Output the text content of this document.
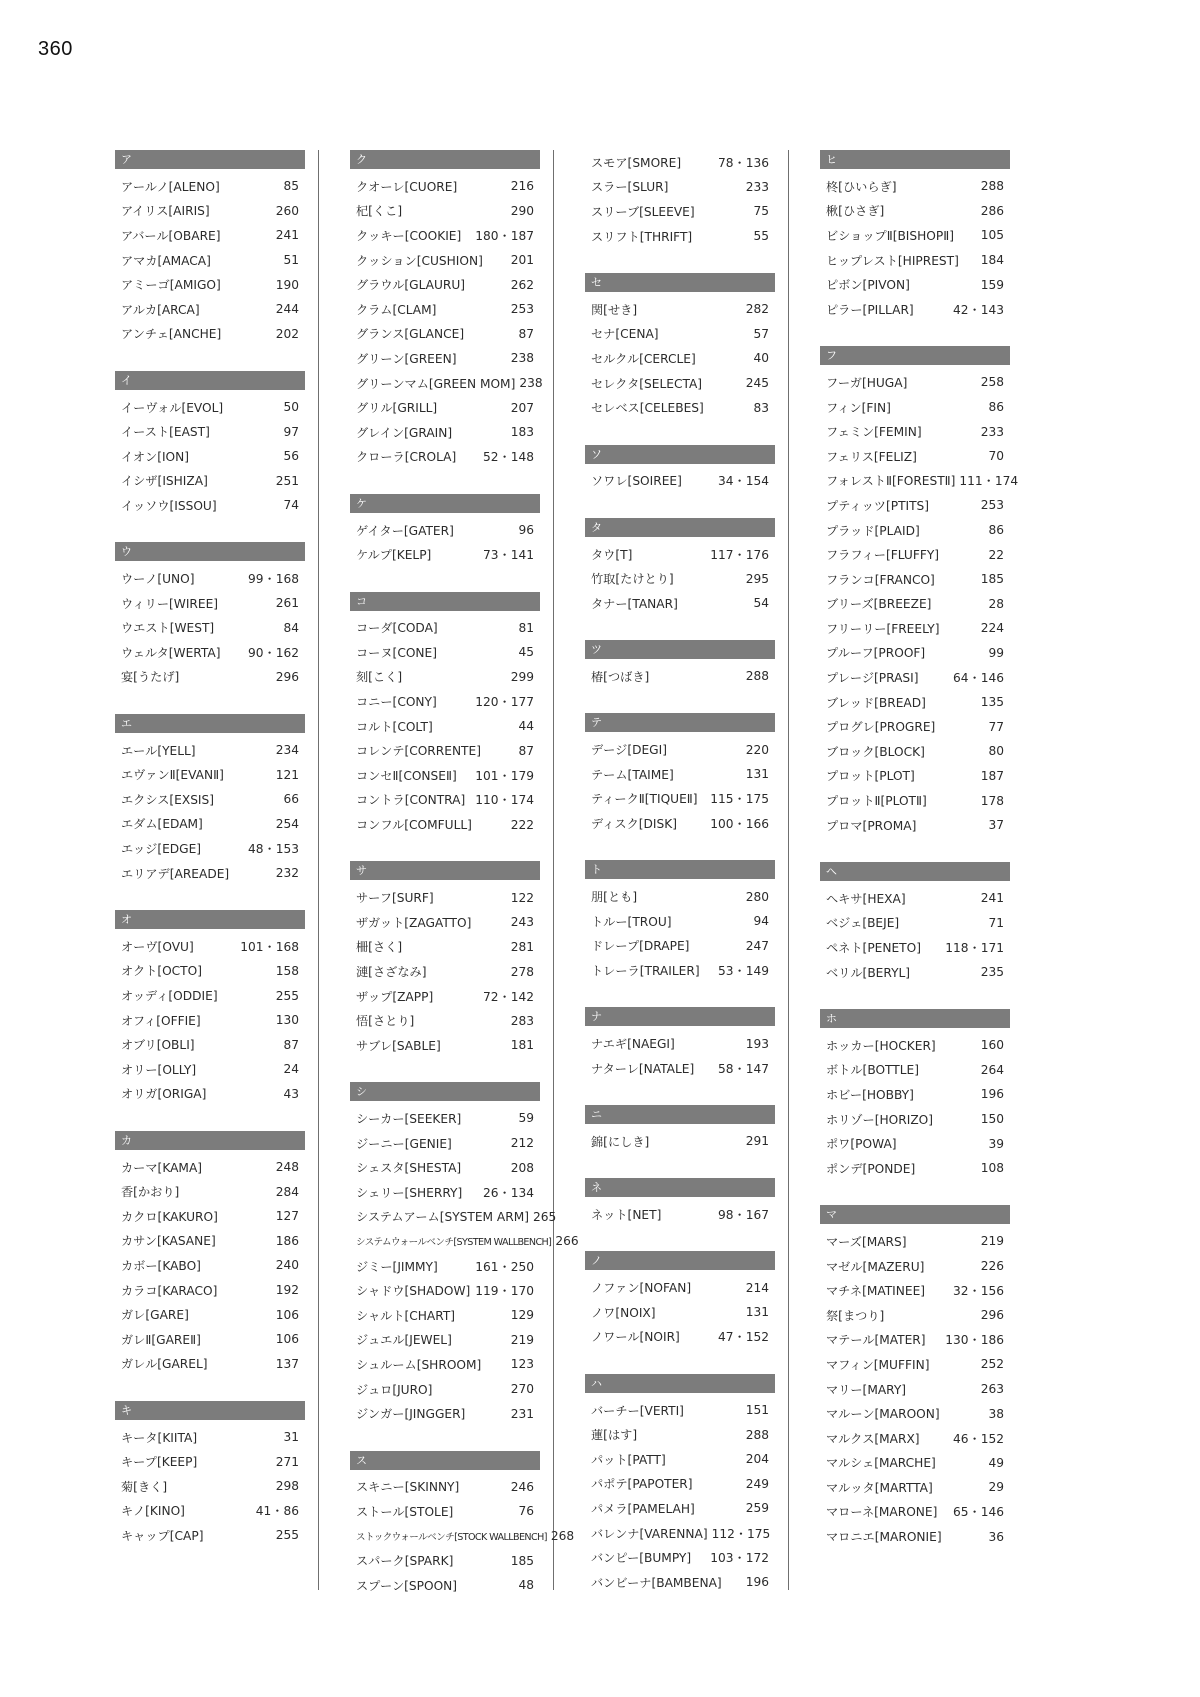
360
ア
アールノ[ALENO]	85
アイリス[AIRIS]	260
アバール[OBARE]	241
アマカ[AMACA]	51
アミーゴ[AMIGO]	190
アルカ[ARCA]	244
アンチェ[ANCHE]	202
イ
イーヴォル[EVOL]	50
イースト[EAST]	97
イオン[ION]	56
イシザ[ISHIZA]	251
イッソウ[ISSOU]	74
ウ
ウーノ[UNO]	99・168
ウィリー[WIREE]	261
ウエスト[WEST]	84
ウェルタ[WERTA]	90・162
宴[うたげ]	296
エ
エール[YELL]	234
エヴァンⅡ[EVANⅡ]	121
エクシス[EXSIS]	66
エダム[EDAM]	254
エッジ[EDGE]	48・153
エリアデ[AREADE]	232
オ
オーヴ[OVU]	101・168
オクト[OCTO]	158
オッディ[ODDIE]	255
オフィ[OFFIE]	130
オブリ[OBLI]	87
オリー[OLLY]	24
オリガ[ORIGA]	43
カ
カーマ[KAMA]	248
香[かおり]	284
カクロ[KAKURO]	127
カサン[KASANE]	186
カボー[KABO]	240
カラコ[KARACO]	192
ガレ[GARE]	106
ガレⅡ[GAREⅡ]	106
ガレル[GAREL]	137
キ
キータ[KIITA]	31
キープ[KEEP]	271
菊[きく]	298
キノ[KINO]	41・86
キャップ[CAP]	255
ク
クオーレ[CUORE]	216
杞[くこ]	290
クッキー[COOKIE]	180・187
クッション[CUSHION]	201
グラウル[GLAURU]	262
クラム[CLAM]	253
グランス[GLANCE]	87
グリーン[GREEN]	238
グリーンマム[GREEN MOM] 238
グリル[GRILL]	207
グレイン[GRAIN]	183
クローラ[CROLA]	52・148
ケ
ゲイター[GATER]	96
ケルプ[KELP]	73・141
コ
コーダ[CODA]	81
コーヌ[CONE]	45
刻[こく]	299
コニー[CONY]	120・177
コルト[COLT]	44
コレンテ[CORRENTE]	87
コンセⅡ[CONSEⅡ]	101・179
コントラ[CONTRA] 110・174
コンフル[COMFULL]	222
サ
サーフ[SURF]	122
ザガット[ZAGATTO]	243
柵[さく]	281
漣[さざなみ]	278
ザップ[ZAPP]	72・142
悟[さとり]	283
サブレ[SABLE]	181
シ
シーカー[SEEKER]	59
ジーニー[GENIE]	212
シェスタ[SHESTA]	208
シェリー[SHERRY]	26・134
システムアーム[SYSTEM ARM] 265
システムウォールベンチ[SYSTEM WALLBENCH] 266
ジミー[JIMMY]	161・250
シャドウ[SHADOW] 119・170
シャルト[CHART]	129
ジュエル[JEWEL]	219
シュルーム[SHROOM]	123
ジュロ[JURO]	270
ジンガー[JINGGER]	231
ス
スキニー[SKINNY]	246
ストール[STOLE]	76
ストックウォールベンチ[STOCK WALLBENCH] 268
スパーク[SPARK]	185
スプーン[SPOON]	48
スモア[SMORE]	78・136
スラー[SLUR]	233
スリーブ[SLEEVE]	75
スリフト[THRIFT]	55
セ
関[せき]	282
セナ[CENA]	57
セルクル[CERCLE]	40
セレクタ[SELECTA]	245
セレベス[CELEBES]	83
ソ
ソワレ[SOIREE]	34・154
タ
タウ[T]	117・176
竹取[たけとり]	295
タナー[TANAR]	54
ツ
椿[つばき]	288
テ
デージ[DEGI]	220
テーム[TAIME]	131
ティークⅡ[TIQUEⅡ]	115・175
ディスク[DISK]	100・166
ト
朋[とも]	280
トルー[TROU]	94
ドレープ[DRAPE]	247
トレーラ[TRAILER]	53・149
ナ
ナエギ[NAEGI]	193
ナターレ[NATALE]	58・147
ニ
錦[にしき]	291
ネ
ネット[NET]	98・167
ノ
ノファン[NOFAN]	214
ノワ[NOIX]	131
ノワール[NOIR]	47・152
ハ
バーチー[VERTI]	151
蓮[はす]	288
パット[PATT]	204
パポテ[PAPOTER]	249
パメラ[PAMELAH]	259
バレンナ[VARENNA] 112・175
バンピー[BUMPY]	103・172
バンビーナ[BAMBENA]	196
ヒ
柊[ひいらぎ]	288
楸[ひさぎ]	286
ビショップⅡ[BISHOPⅡ]	105
ヒップレスト[HIPREST]	184
ピボン[PIVON]	159
ピラー[PILLAR]	42・143
フ
フーガ[HUGA]	258
フィン[FIN]	86
フェミン[FEMIN]	233
フェリス[FELIZ]	70
フォレストⅡ[FORESTⅡ] 111・174
プティッツ[PTITS]	253
プラッド[PLAID]	86
フラフィー[FLUFFY]	22
フランコ[FRANCO]	185
ブリーズ[BREEZE]	28
フリーリー[FREELY]	224
プルーフ[PROOF]	99
プレージ[PRASI]	64・146
ブレッド[BREAD]	135
プログレ[PROGRE]	77
ブロック[BLOCK]	80
プロット[PLOT]	187
プロットⅡ[PLOTⅡ]	178
プロマ[PROMA]	37
ヘ
ヘキサ[HEXA]	241
ベジェ[BEJE]	71
ペネト[PENETO]	118・171
ベリル[BERYL]	235
ホ
ホッカー[HOCKER]	160
ボトル[BOTTLE]	264
ホビー[HOBBY]	196
ホリゾー[HORIZO]	150
ポワ[POWA]	39
ポンデ[PONDE]	108
マ
マーズ[MARS]	219
マゼル[MAZERU]	226
マチネ[MATINEE]	32・156
祭[まつり]	296
マテール[MATER]	130・186
マフィン[MUFFIN]	252
マリー[MARY]	263
マルーン[MAROON]	38
マルクス[MARX]	46・152
マルシェ[MARCHE]	49
マルッタ[MARTTA]	29
マローネ[MARONE]	65・146
マロニエ[MARONIE]	36
